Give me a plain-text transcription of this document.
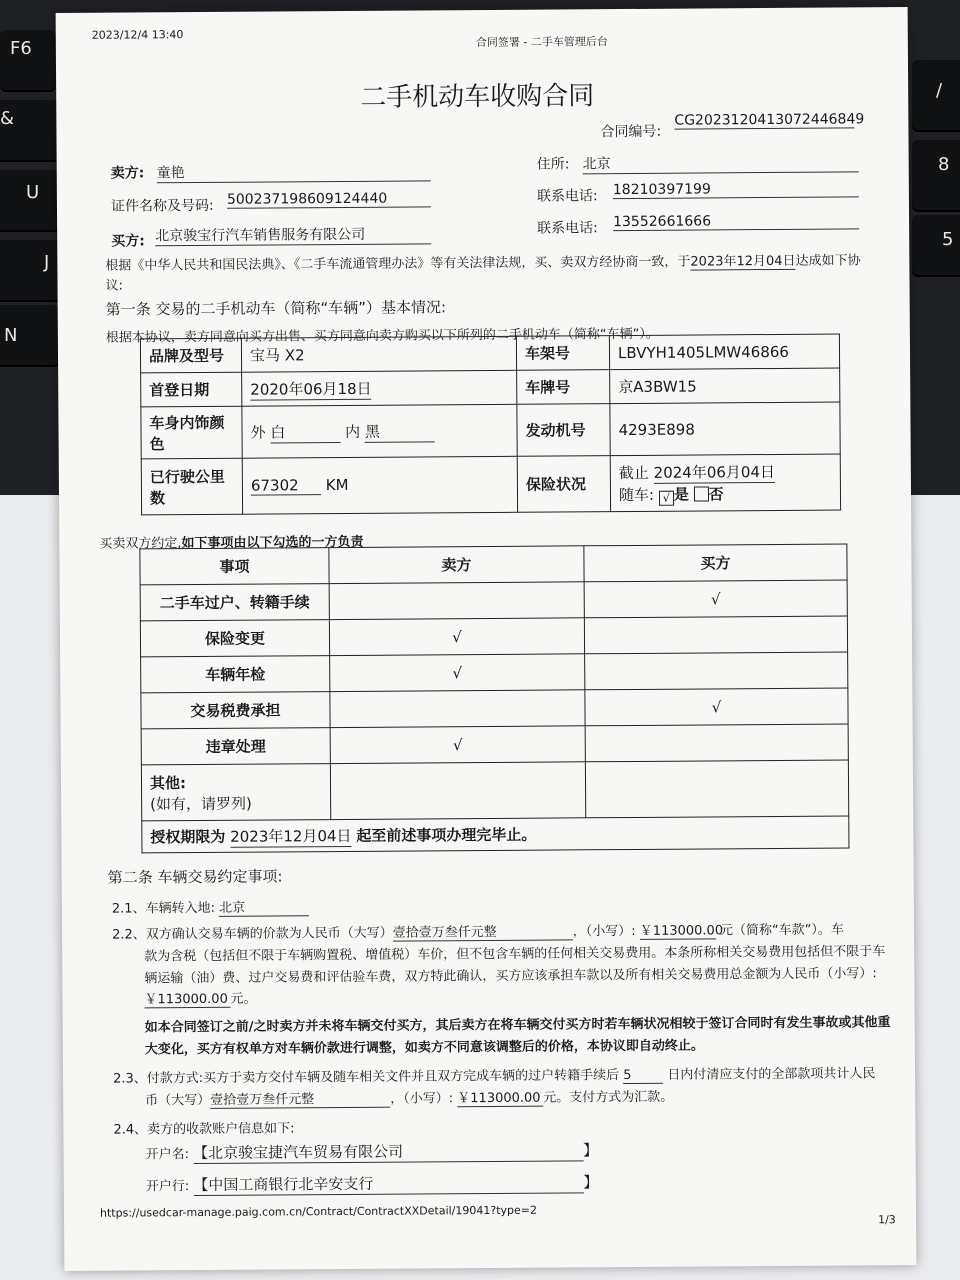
F6
&
U
J
N
8
5
/
2023/12/4 13:40
合同签署 - 二手车管理后台
二手机动车收购合同
合同编号:
CG2023120413072446849
卖方: 童艳
住所: 北京
证件名称及号码: 500237198609124440	联系电话: 18210397199
买方: 北京骏宝行汽车销售服务有限公司	联系电话: 13552661666
根据《中华人民共和国民法典》、《二手车流通管理办法》等有关法律法规，买、卖双方经协商一致，于2023年12月04日达成如下协
议:
第一条 交易的二手机动车（简称“车辆”）基本情况:
根据本协议，卖方同意向买方出售、买方同意向卖方购买以下所列的二手机动车（简称“车辆”）。
品牌及型号	宝马 X2	车架号	LBVYH1405LMW46866
首登日期	2020年06月18日	车牌号	京A3BW15
车身内饰颜色	外 白 内 黑	发动机号	4293E898
已行驶公里数	67302 KM	保险状况	截止 2024年06月04日
随车: √ 是 否
买卖双方约定,如下事项由以下勾选的一方负责
事项	卖方	买方
二手车过户、转籍手续		√
保险变更	√	
车辆年检	√	
交易税费承担		√
违章处理	√	

其他:
(如有，请罗列)		

授权期限为 2023年12月04日 起至前述事项办理完毕止。		
第二条 车辆交易约定事项:
2.1、车辆转入地: 北京
2.2、双方确认交易车辆的价款为人民币（大写）壹拾壹万叁仟元整	，（小写）: ￥113000.00 元（简称“车款”）。车
款为含税（包括但不限于车辆购置税、增值税）车价，但不包含车辆的任何相关交易费用。本条所称相关交易费用包括但不限于车
辆运输（油）费、过户交易费和评估验车费，双方特此确认，买方应该承担车款以及所有相关交易费用总金额为人民币（小写）:
￥113000.00 元。
如本合同签订之前/之时卖方并未将车辆交付买方，其后卖方在将车辆交付买方时若车辆状况相较于签订合同时有发生事故或其他重
大变化，买方有权单方对车辆价款进行调整，如卖方不同意该调整后的价格，本协议即自动终止。
2.3、付款方式:买方于卖方交付车辆及随车相关文件并且双方完成车辆的过户转籍手续后 5	日内付清应支付的全部款项共计人民
币（大写）壹拾壹万叁仟元整	，（小写）: ￥113000.00 元。支付方式为汇款。
2.4、卖方的收款账户信息如下:
开户名: 【北京骏宝捷汽车贸易有限公司	】
开户行: 【中国工商银行北辛安支行	】
https://usedcar-manage.paig.com.cn/Contract/ContractXXDetail/19041?type=2
1/3
